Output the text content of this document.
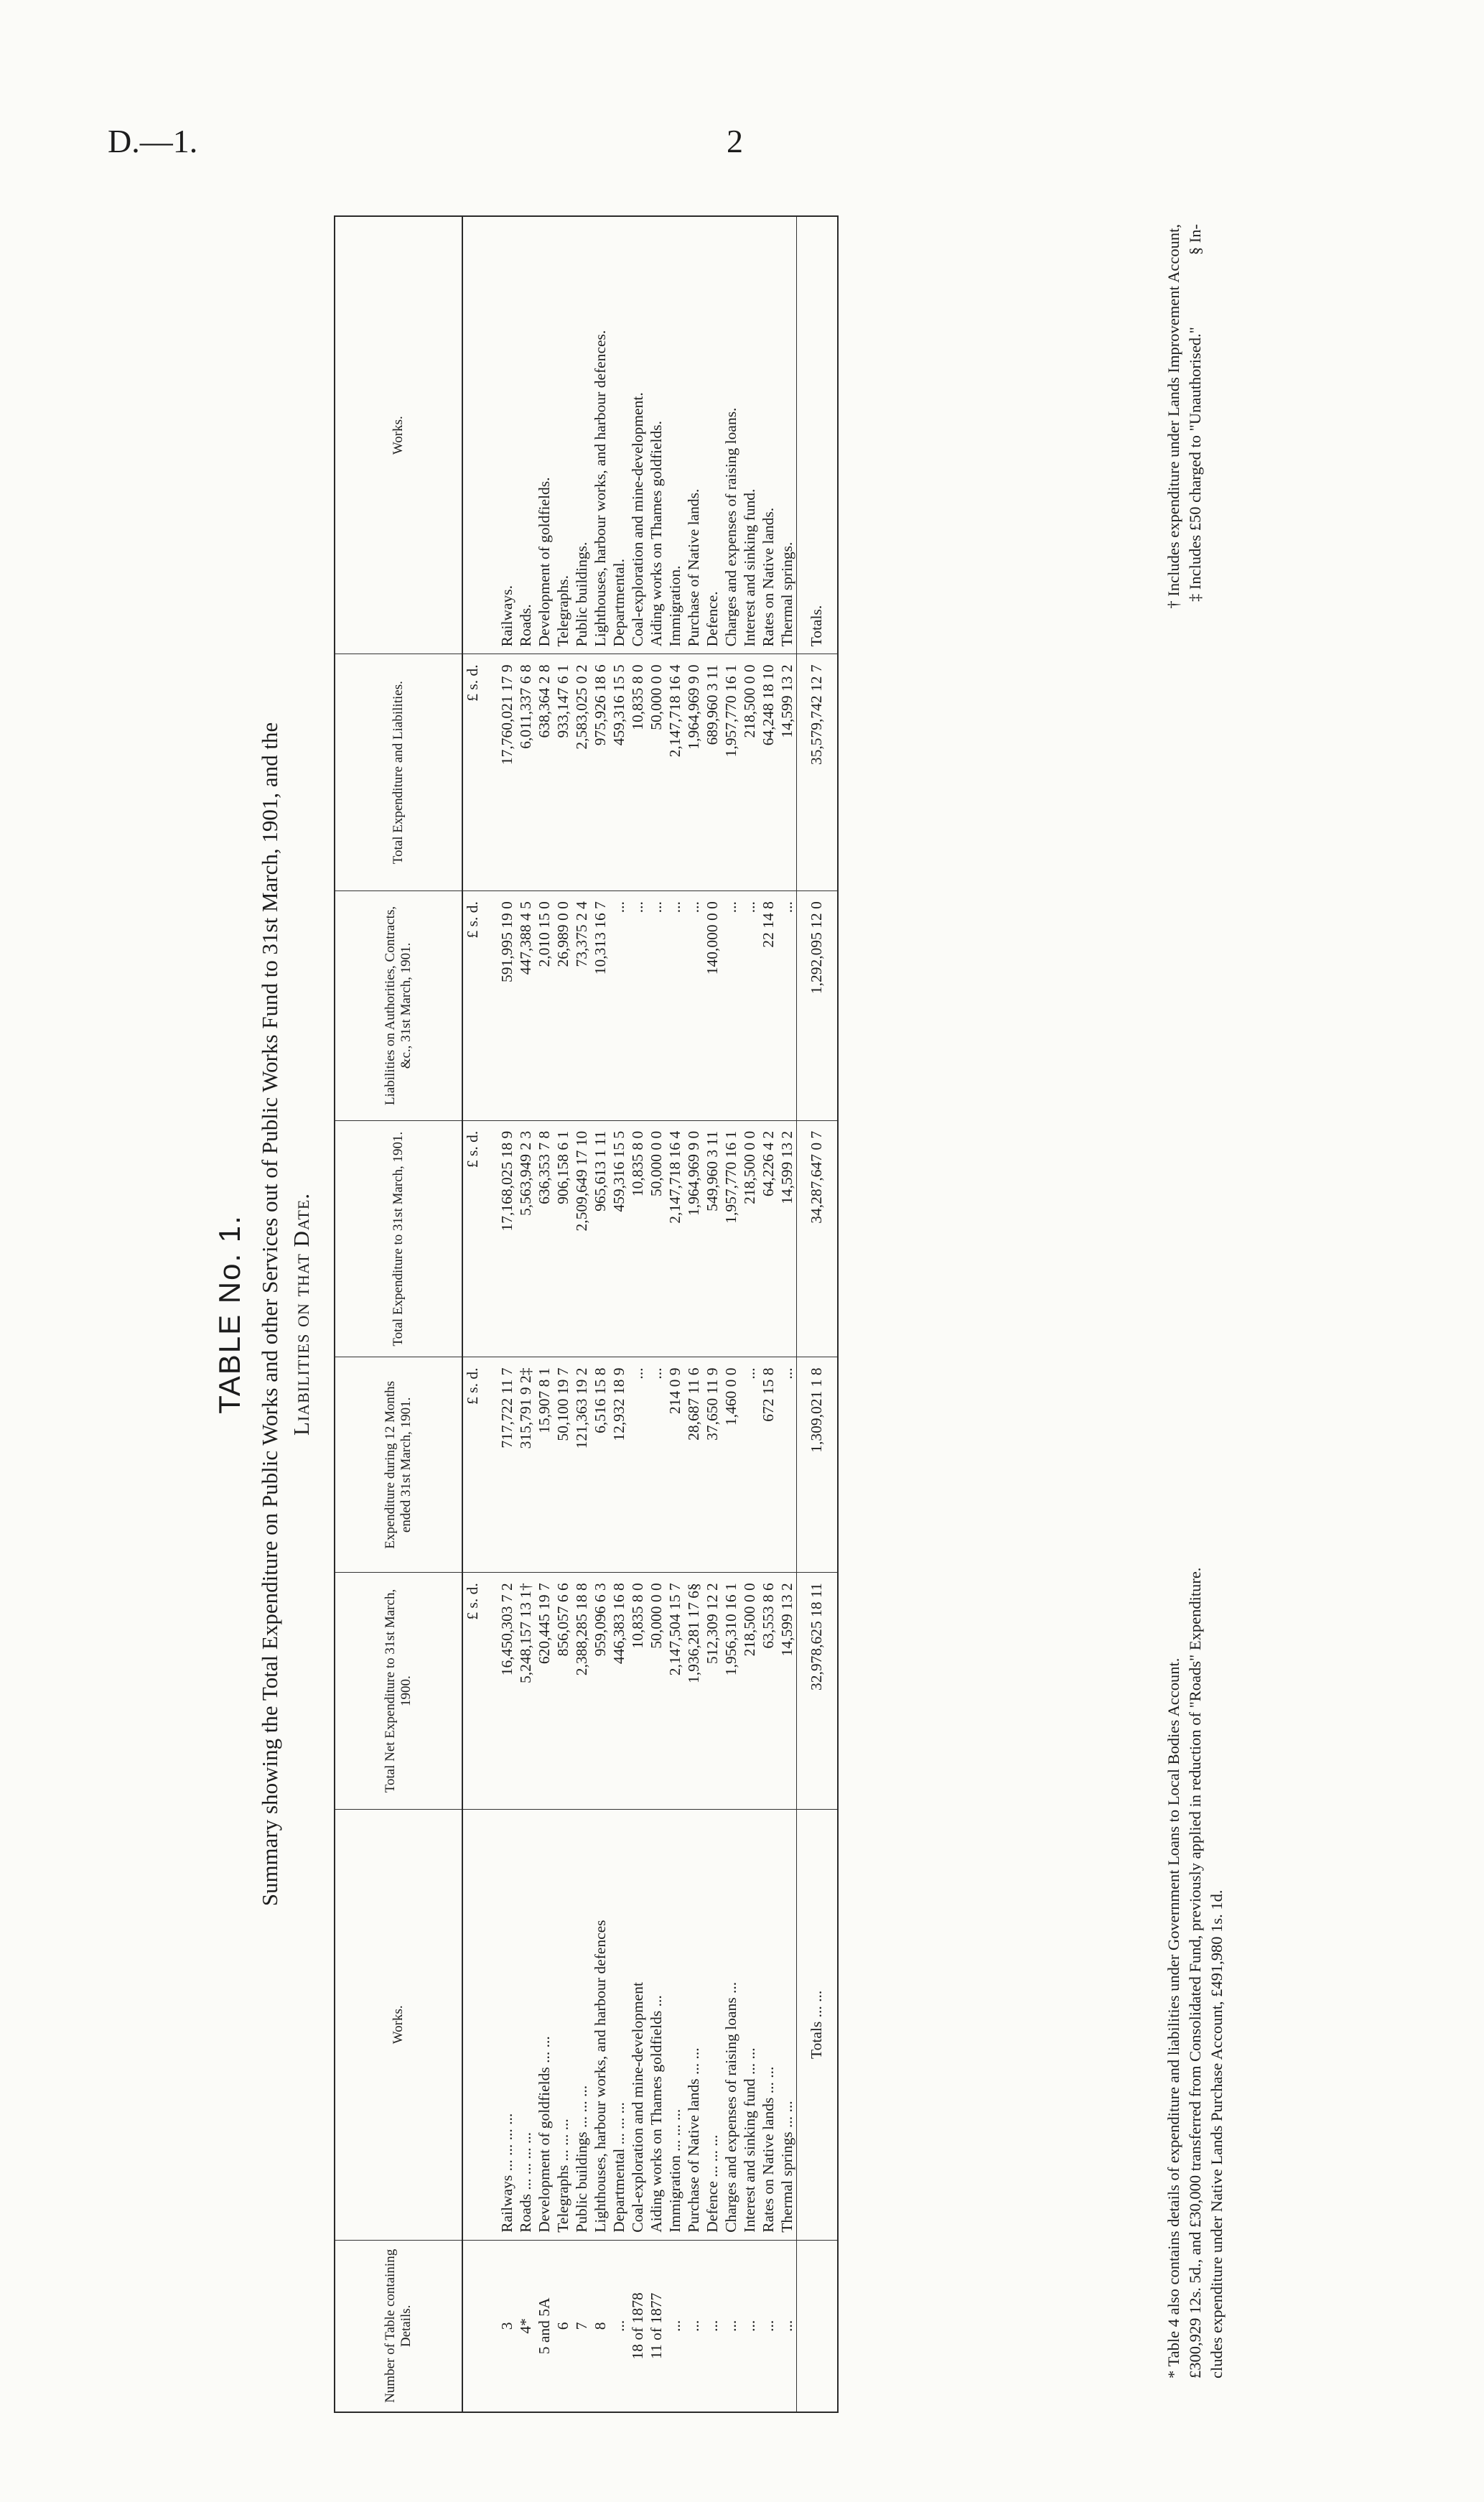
D.—1.	2
TABLE No. 1. Summary showing the Total Expenditure on Public Works and other Services out of Public Works Fund to 31st March, 1901, and the Liabilities on that Date.
Number of Table containing Details.	Works.	Total Net Expenditure to 31st March, 1900.	Expenditure during 12 Months ended 31st March, 1901.	Total Expenditure to 31st March, 1901.	Liabilities on Authorities, Contracts, &c., 31st March, 1901.	Total Expenditure and Liabilities.	Works.
		£ s. d.	£ s. d.	£ s. d.	£ s. d.	£ s. d.	
3	Railways ... ... ... ...	16,450,303 7 2	717,722 11 7	17,168,025 18 9	591,995 19 0	17,760,021 17 9	Railways.
4*	Roads ... ... ... ...	5,248,157 13 1†	315,791 9 2‡	5,563,949 2 3	447,388 4 5	6,011,337 6 8	Roads.
5 and 5A	Development of goldfields ... ...	620,445 19 7	15,907 8 1	636,353 7 8	2,010 15 0	638,364 2 8	Development of goldfields.
6	Telegraphs ... ... ...	856,057 6 6	50,100 19 7	906,158 6 1	26,989 0 0	933,147 6 1	Telegraphs.
7	Public buildings ... ... ...	2,388,285 18 8	121,363 19 2	2,509,649 17 10	73,375 2 4	2,583,025 0 2	Public buildings.
8	Lighthouses, harbour works, and harbour defences	959,096 6 3	6,516 15 8	965,613 1 11	10,313 16 7	975,926 18 6	Lighthouses, harbour works, and harbour defences.
...	Departmental ... ... ...	446,383 16 8	12,932 18 9	459,316 15 5	...	459,316 15 5	Departmental.
18 of 1878	Coal-exploration and mine-development	10,835 8 0	...	10,835 8 0	...	10,835 8 0	Coal-exploration and mine-development.
11 of 1877	Aiding works on Thames goldfields ...	50,000 0 0	...	50,000 0 0	...	50,000 0 0	Aiding works on Thames goldfields.
...	Immigration ... ... ...	2,147,504 15 7	214 0 9	2,147,718 16 4	...	2,147,718 16 4	Immigration.
...	Purchase of Native lands ... ...	1,936,281 17 6§	28,687 11 6	1,964,969 9 0	...	1,964,969 9 0	Purchase of Native lands.
...	Defence ... ... ...	512,309 12 2	37,650 11 9	549,960 3 11	140,000 0 0	689,960 3 11	Defence.
...	Charges and expenses of raising loans ...	1,956,310 16 1	1,460 0 0	1,957,770 16 1	...	1,957,770 16 1	Charges and expenses of raising loans.
...	Interest and sinking fund ... ...	218,500 0 0	...	218,500 0 0	...	218,500 0 0	Interest and sinking fund.
...	Rates on Native lands ... ...	63,553 8 6	672 15 8	64,226 4 2	22 14 8	64,248 18 10	Rates on Native lands.
...	Thermal springs ... ...	14,599 13 2	...	14,599 13 2	...	14,599 13 2	Thermal springs.
	Totals ... ...	32,978,625 18 11	1,309,021 1 8	34,287,647 0 7	1,292,095 12 0	35,579,742 12 7	Totals.
* Table 4 also contains details of expenditure and liabilities under Government Loans to Local Bodies Account.
† Includes expenditure under Lands Improvement Account,
£300,929 12s. 5d., and £30,000 transferred from Consolidated Fund, previously applied in reduction of "Roads" Expenditure.
§ In-
‡ Includes £50 charged to "Unauthorised."
cludes expenditure under Native Lands Purchase Account, £491,980 1s. 1d.
